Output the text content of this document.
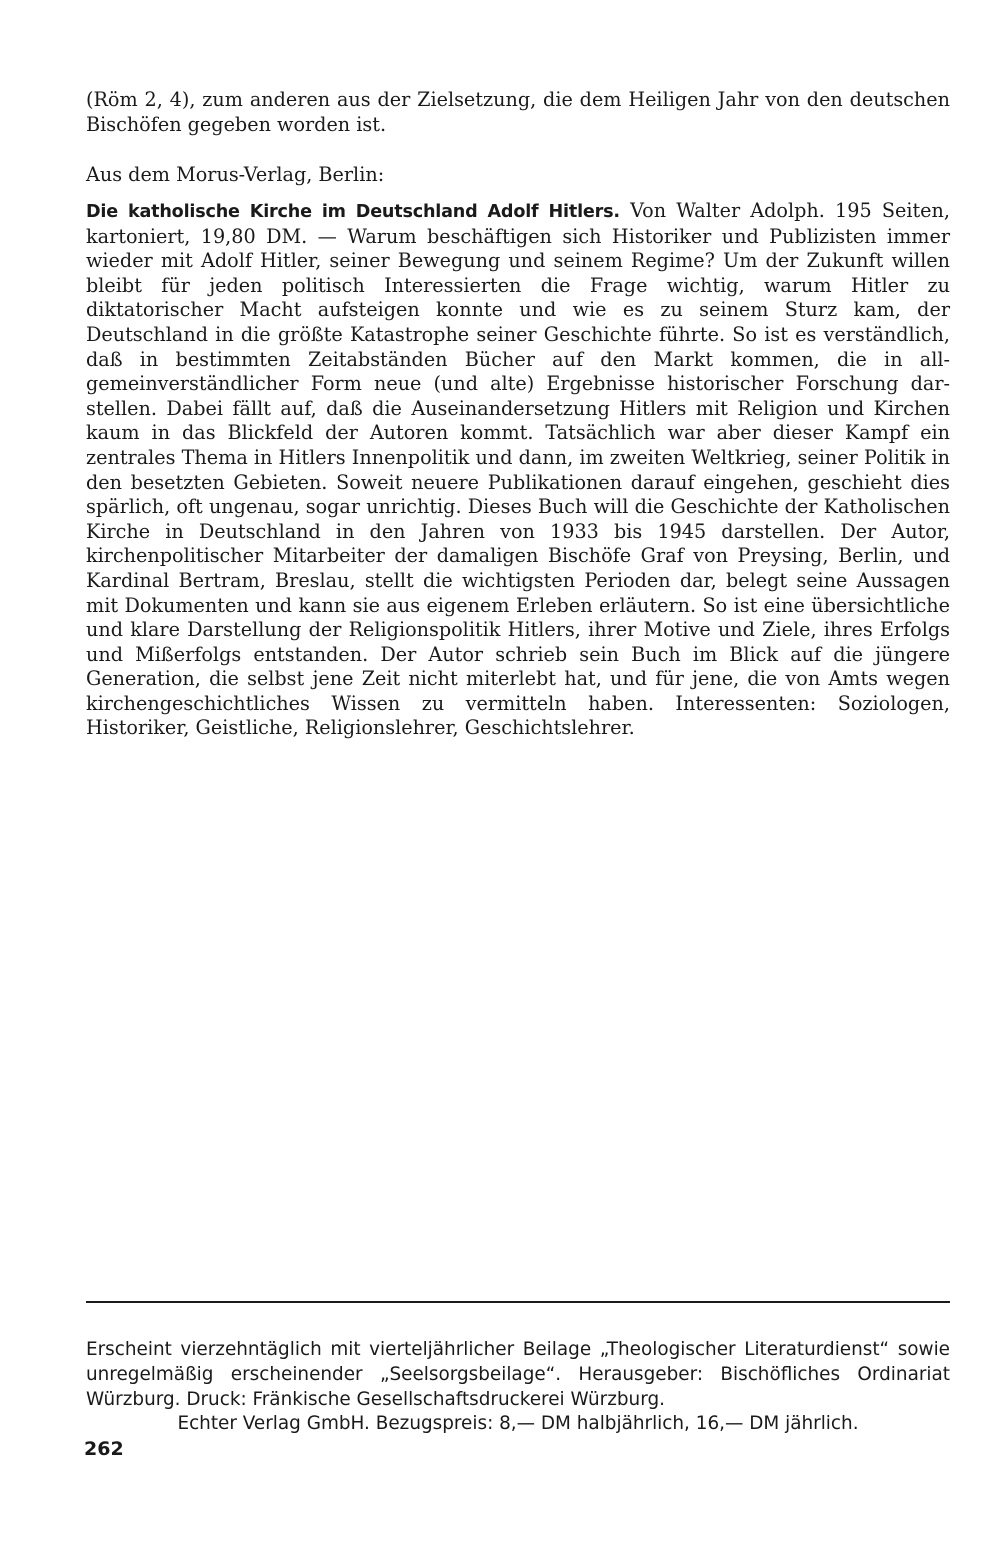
(Röm 2, 4), zum anderen aus der Zielsetzung, die dem Heiligen Jahr von den deutschen Bischöfen gegeben worden ist.
Aus dem Morus-Verlag, Berlin:
Die katholische Kirche im Deutschland Adolf Hitlers. Von Walter Adolph. 195 Seiten, kartoniert, 19,80 DM. — Warum beschäftigen sich Historiker und Publizisten immer wieder mit Adolf Hitler, seiner Bewegung und seinem Regime? Um der Zukunft willen bleibt für jeden politisch Interessierten die Frage wichtig, warum Hitler zu diktatorischer Macht aufsteigen konnte und wie es zu seinem Sturz kam, der Deutschland in die größte Katastrophe seiner Geschichte führte. So ist es verständlich, daß in bestimmten Zeitabständen Bücher auf den Markt kommen, die in allgemeinverständlicher Form neue (und alte) Ergebnisse historischer Forschung darstellen. Dabei fällt auf, daß die Auseinandersetzung Hitlers mit Religion und Kirchen kaum in das Blickfeld der Autoren kommt. Tatsächlich war aber dieser Kampf ein zentrales Thema in Hitlers Innenpolitik und dann, im zweiten Weltkrieg, seiner Politik in den besetzten Gebieten. Soweit neuere Publikationen darauf eingehen, geschieht dies spärlich, oft ungenau, sogar unrichtig. Dieses Buch will die Geschichte der Katholischen Kirche in Deutschland in den Jahren von 1933 bis 1945 darstellen. Der Autor, kirchenpolitischer Mitarbeiter der damaligen Bischöfe Graf von Preysing, Berlin, und Kardinal Bertram, Breslau, stellt die wichtigsten Perioden dar, belegt seine Aussagen mit Dokumenten und kann sie aus eigenem Erleben erläutern. So ist eine übersichtliche und klare Darstellung der Religionspolitik Hitlers, ihrer Motive und Ziele, ihres Erfolgs und Mißerfolgs entstanden. Der Autor schrieb sein Buch im Blick auf die jüngere Generation, die selbst jene Zeit nicht miterlebt hat, und für jene, die von Amts wegen kirchengeschichtliches Wissen zu vermitteln haben. Interessenten: Soziologen, Historiker, Geistliche, Religionslehrer, Geschichtslehrer.
Erscheint vierzehntäglich mit vierteljährlicher Beilage „Theologischer Literaturdienst“ sowie unregelmäßig erscheinender „Seelsorgsbeilage“. Herausgeber: Bischöfliches Ordinariat Würzburg. Druck: Fränkische Gesellschaftsdruckerei Würzburg.
Echter Verlag GmbH. Bezugspreis: 8,— DM halbjährlich, 16,— DM jährlich.
262
